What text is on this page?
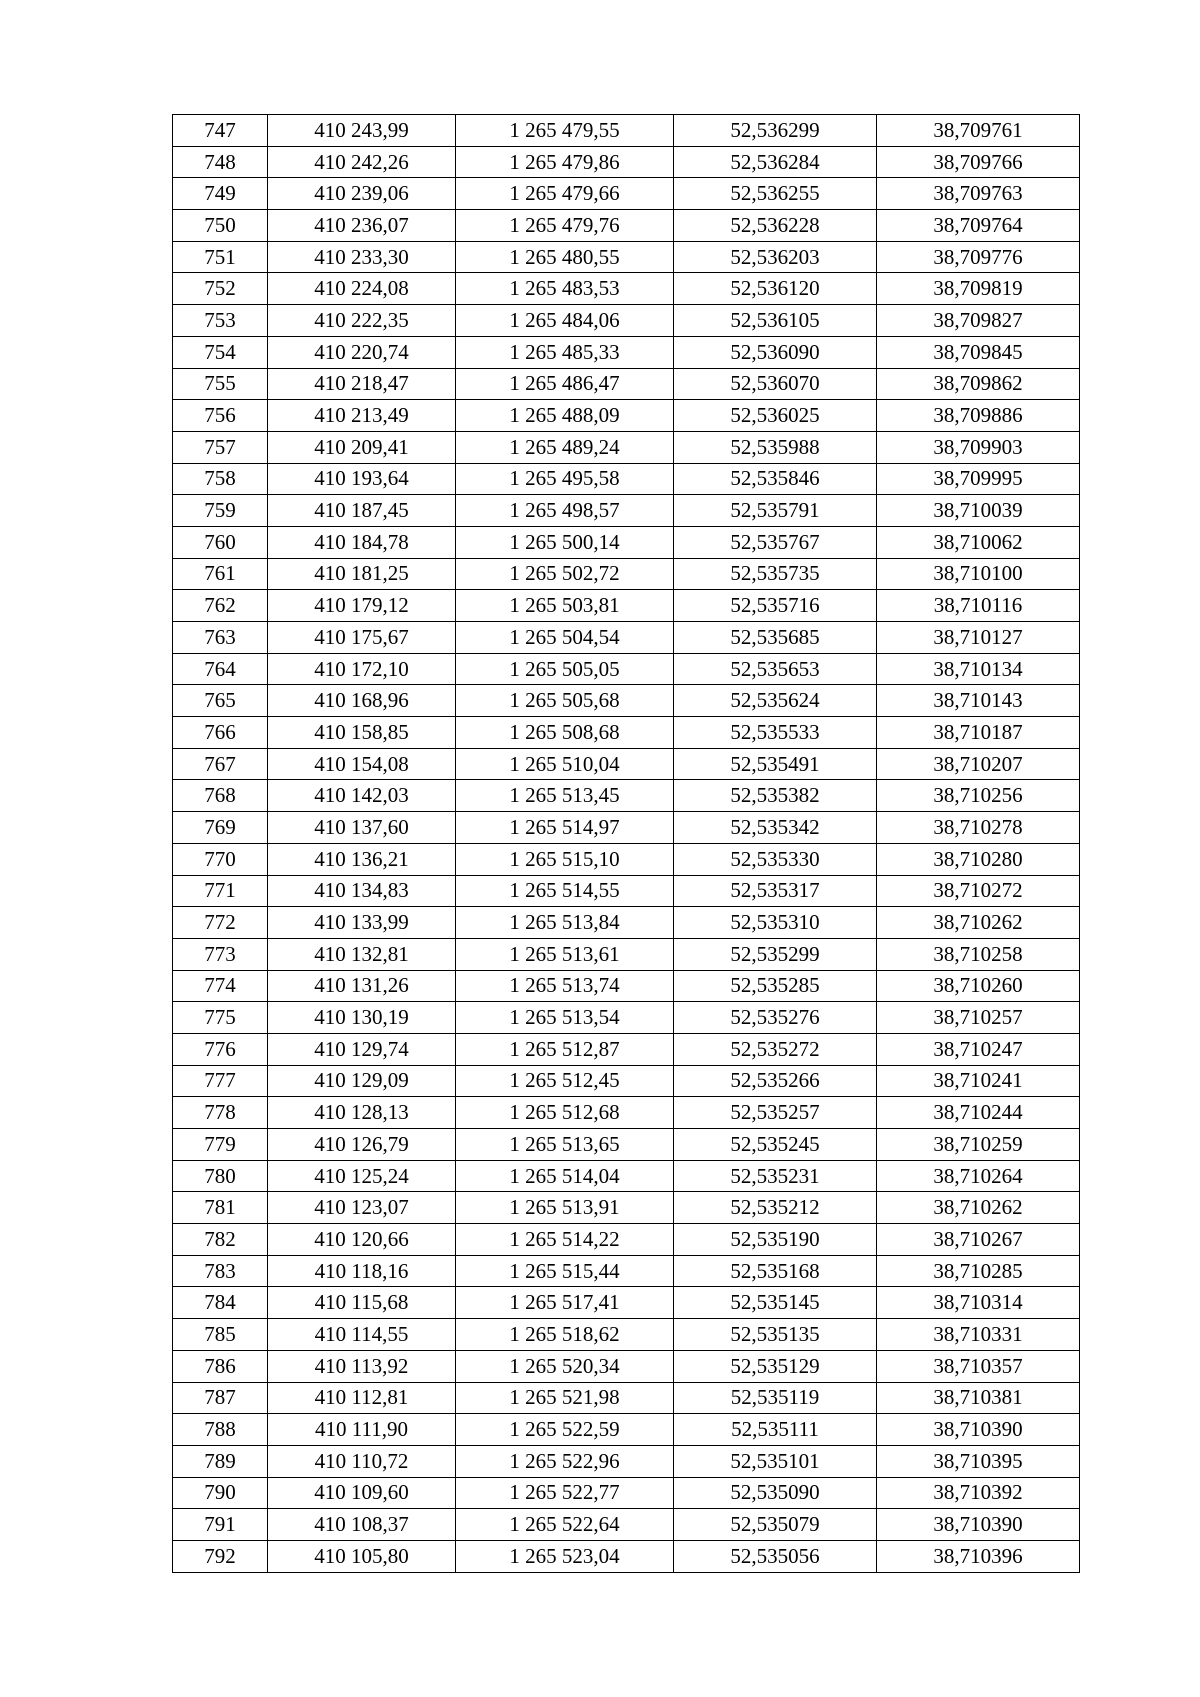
747	410 243,99	1 265 479,55	52,536299	38,709761
748	410 242,26	1 265 479,86	52,536284	38,709766
749	410 239,06	1 265 479,66	52,536255	38,709763
750	410 236,07	1 265 479,76	52,536228	38,709764
751	410 233,30	1 265 480,55	52,536203	38,709776
752	410 224,08	1 265 483,53	52,536120	38,709819
753	410 222,35	1 265 484,06	52,536105	38,709827
754	410 220,74	1 265 485,33	52,536090	38,709845
755	410 218,47	1 265 486,47	52,536070	38,709862
756	410 213,49	1 265 488,09	52,536025	38,709886
757	410 209,41	1 265 489,24	52,535988	38,709903
758	410 193,64	1 265 495,58	52,535846	38,709995
759	410 187,45	1 265 498,57	52,535791	38,710039
760	410 184,78	1 265 500,14	52,535767	38,710062
761	410 181,25	1 265 502,72	52,535735	38,710100
762	410 179,12	1 265 503,81	52,535716	38,710116
763	410 175,67	1 265 504,54	52,535685	38,710127
764	410 172,10	1 265 505,05	52,535653	38,710134
765	410 168,96	1 265 505,68	52,535624	38,710143
766	410 158,85	1 265 508,68	52,535533	38,710187
767	410 154,08	1 265 510,04	52,535491	38,710207
768	410 142,03	1 265 513,45	52,535382	38,710256
769	410 137,60	1 265 514,97	52,535342	38,710278
770	410 136,21	1 265 515,10	52,535330	38,710280
771	410 134,83	1 265 514,55	52,535317	38,710272
772	410 133,99	1 265 513,84	52,535310	38,710262
773	410 132,81	1 265 513,61	52,535299	38,710258
774	410 131,26	1 265 513,74	52,535285	38,710260
775	410 130,19	1 265 513,54	52,535276	38,710257
776	410 129,74	1 265 512,87	52,535272	38,710247
777	410 129,09	1 265 512,45	52,535266	38,710241
778	410 128,13	1 265 512,68	52,535257	38,710244
779	410 126,79	1 265 513,65	52,535245	38,710259
780	410 125,24	1 265 514,04	52,535231	38,710264
781	410 123,07	1 265 513,91	52,535212	38,710262
782	410 120,66	1 265 514,22	52,535190	38,710267
783	410 118,16	1 265 515,44	52,535168	38,710285
784	410 115,68	1 265 517,41	52,535145	38,710314
785	410 114,55	1 265 518,62	52,535135	38,710331
786	410 113,92	1 265 520,34	52,535129	38,710357
787	410 112,81	1 265 521,98	52,535119	38,710381
788	410 111,90	1 265 522,59	52,535111	38,710390
789	410 110,72	1 265 522,96	52,535101	38,710395
790	410 109,60	1 265 522,77	52,535090	38,710392
791	410 108,37	1 265 522,64	52,535079	38,710390
792	410 105,80	1 265 523,04	52,535056	38,710396
